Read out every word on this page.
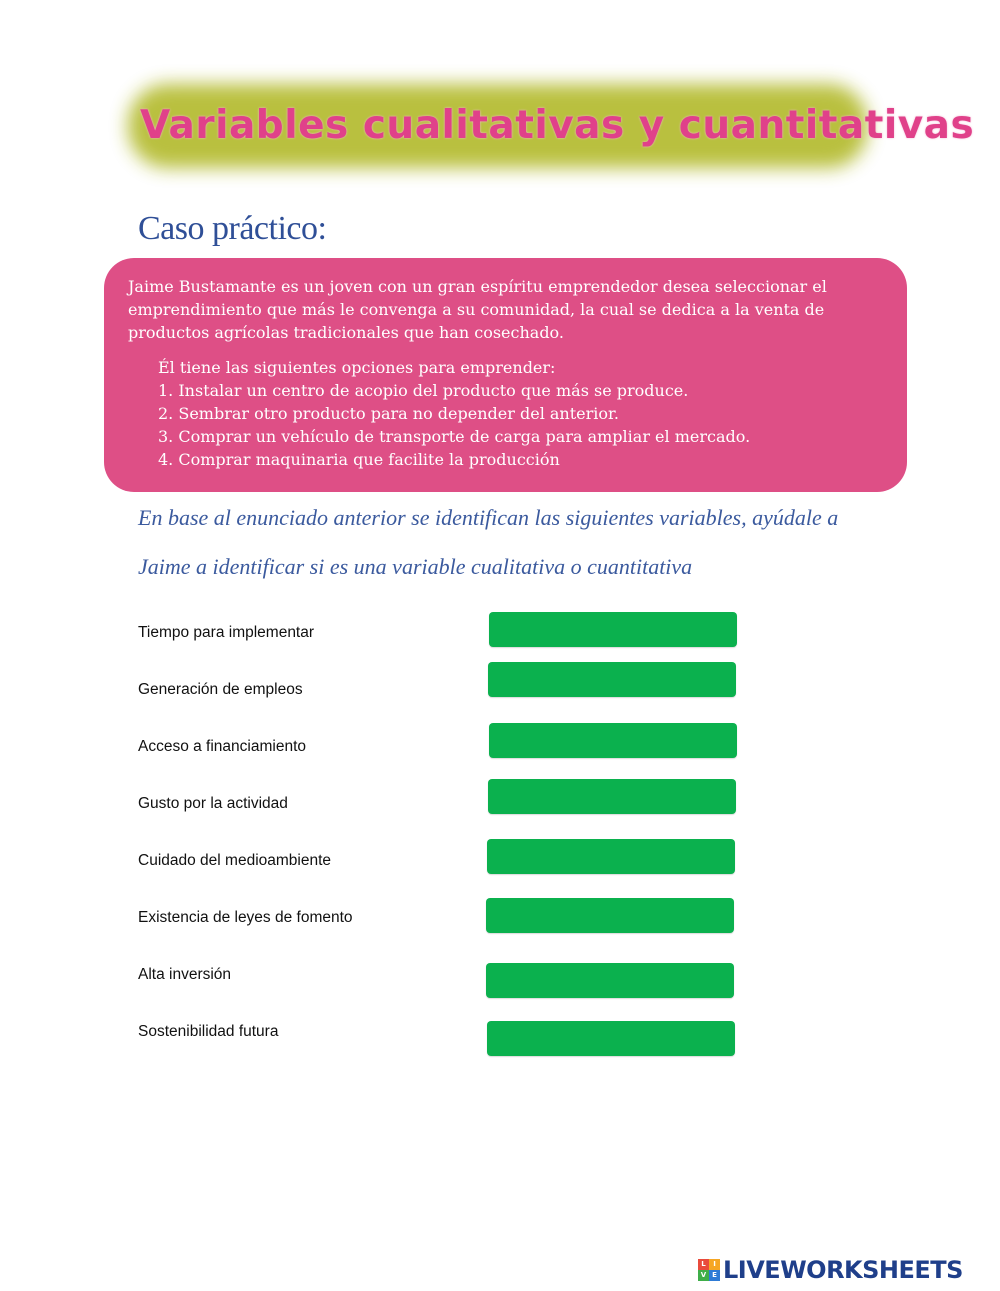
Variables cualitativas y cuantitativas
Caso práctico:

Jaime Bustamante es un joven con un gran espíritu emprendedor desea seleccionar el emprendimiento que más le convenga a su comunidad, la cual se dedica a la venta de productos agrícolas tradicionales que han cosechado.

Él tiene las siguientes opciones para emprender:
1. Instalar un centro de acopio del producto que más se produce.
2. Sembrar otro producto para no depender del anterior.
3. Comprar un vehículo de transporte de carga para ampliar el mercado.
4. Comprar maquinaria que facilite la producción
En base al enunciado anterior se identifican las siguientes variables, ayúdale a
Jaime a identificar si es una variable cualitativa o cuantitativa
Tiempo para implementar
Generación de empleos
Acceso a financiamiento
Gusto por la actividad
Cuidado del medioambiente
Existencia de leyes de fomento
Alta inversión
Sostenibilidad futura
L	I
V E LIVEWORKSHEETS
